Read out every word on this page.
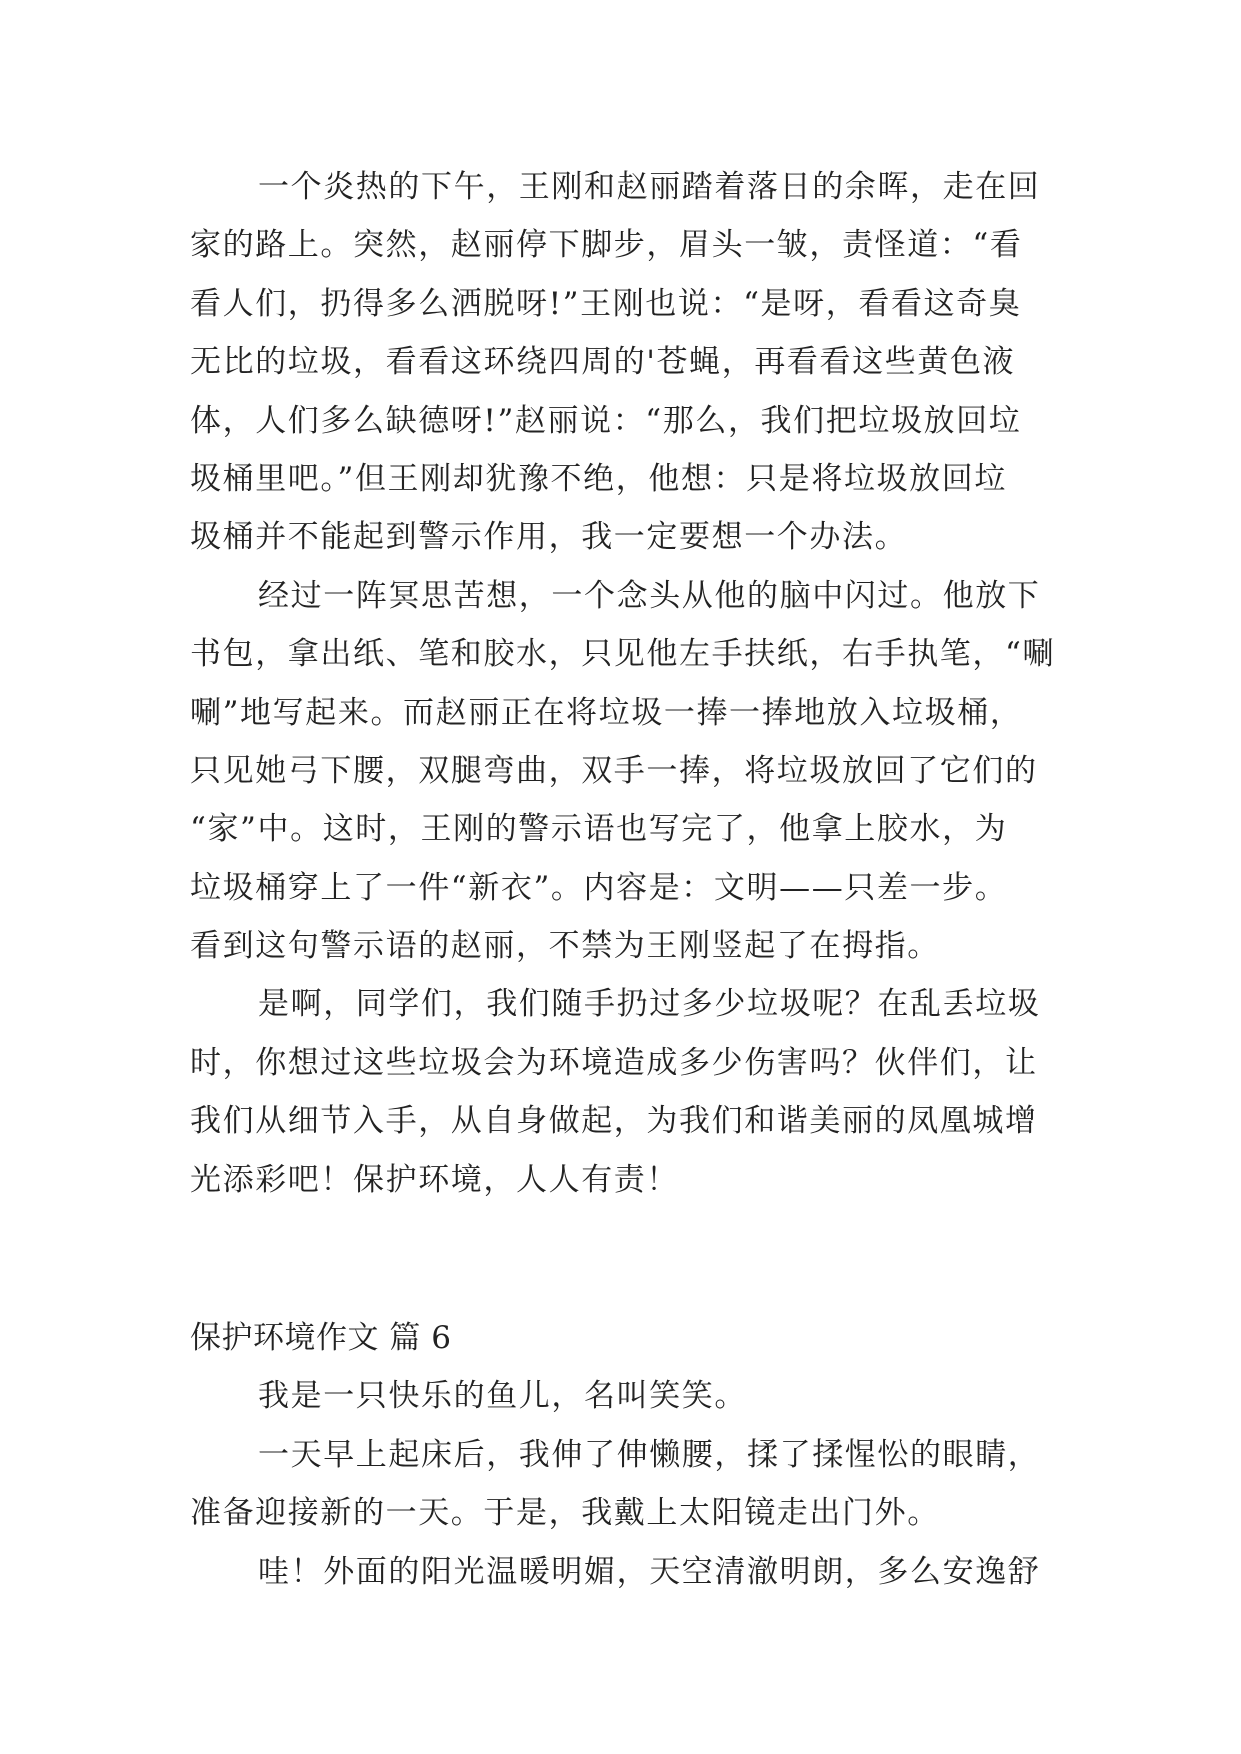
一个炎热的下午，王刚和赵丽踏着落日的余晖，走在回
家的路上。突然，赵丽停下脚步，眉头一皱，责怪道：“看
看人们，扔得多么洒脱呀!”王刚也说：“是呀，看看这奇臭
无比的垃圾，看看这环绕四周的'苍蝇，再看看这些黄色液
体，人们多么缺德呀!”赵丽说：“那么，我们把垃圾放回垃
圾桶里吧。”但王刚却犹豫不绝，他想：只是将垃圾放回垃
圾桶并不能起到警示作用，我一定要想一个办法。
经过一阵冥思苦想，一个念头从他的脑中闪过。他放下
书包，拿出纸、笔和胶水，只见他左手扶纸，右手执笔，“唰
唰”地写起来。而赵丽正在将垃圾一捧一捧地放入垃圾桶，
只见她弓下腰，双腿弯曲，双手一捧，将垃圾放回了它们的
“家”中。这时，王刚的警示语也写完了，他拿上胶水，为
垃圾桶穿上了一件“新衣”。内容是：文明——只差一步。
看到这句警示语的赵丽，不禁为王刚竖起了在拇指。
是啊，同学们，我们随手扔过多少垃圾呢？在乱丢垃圾
时，你想过这些垃圾会为环境造成多少伤害吗？伙伴们，让
我们从细节入手，从自身做起，为我们和谐美丽的凤凰城增
光添彩吧！保护环境，人人有责！
保护环境作文 篇 6
我是一只快乐的鱼儿，名叫笑笑。
一天早上起床后，我伸了伸懒腰，揉了揉惺忪的眼睛，
准备迎接新的一天。于是，我戴上太阳镜走出门外。
哇！外面的阳光温暖明媚，天空清澈明朗，多么安逸舒
